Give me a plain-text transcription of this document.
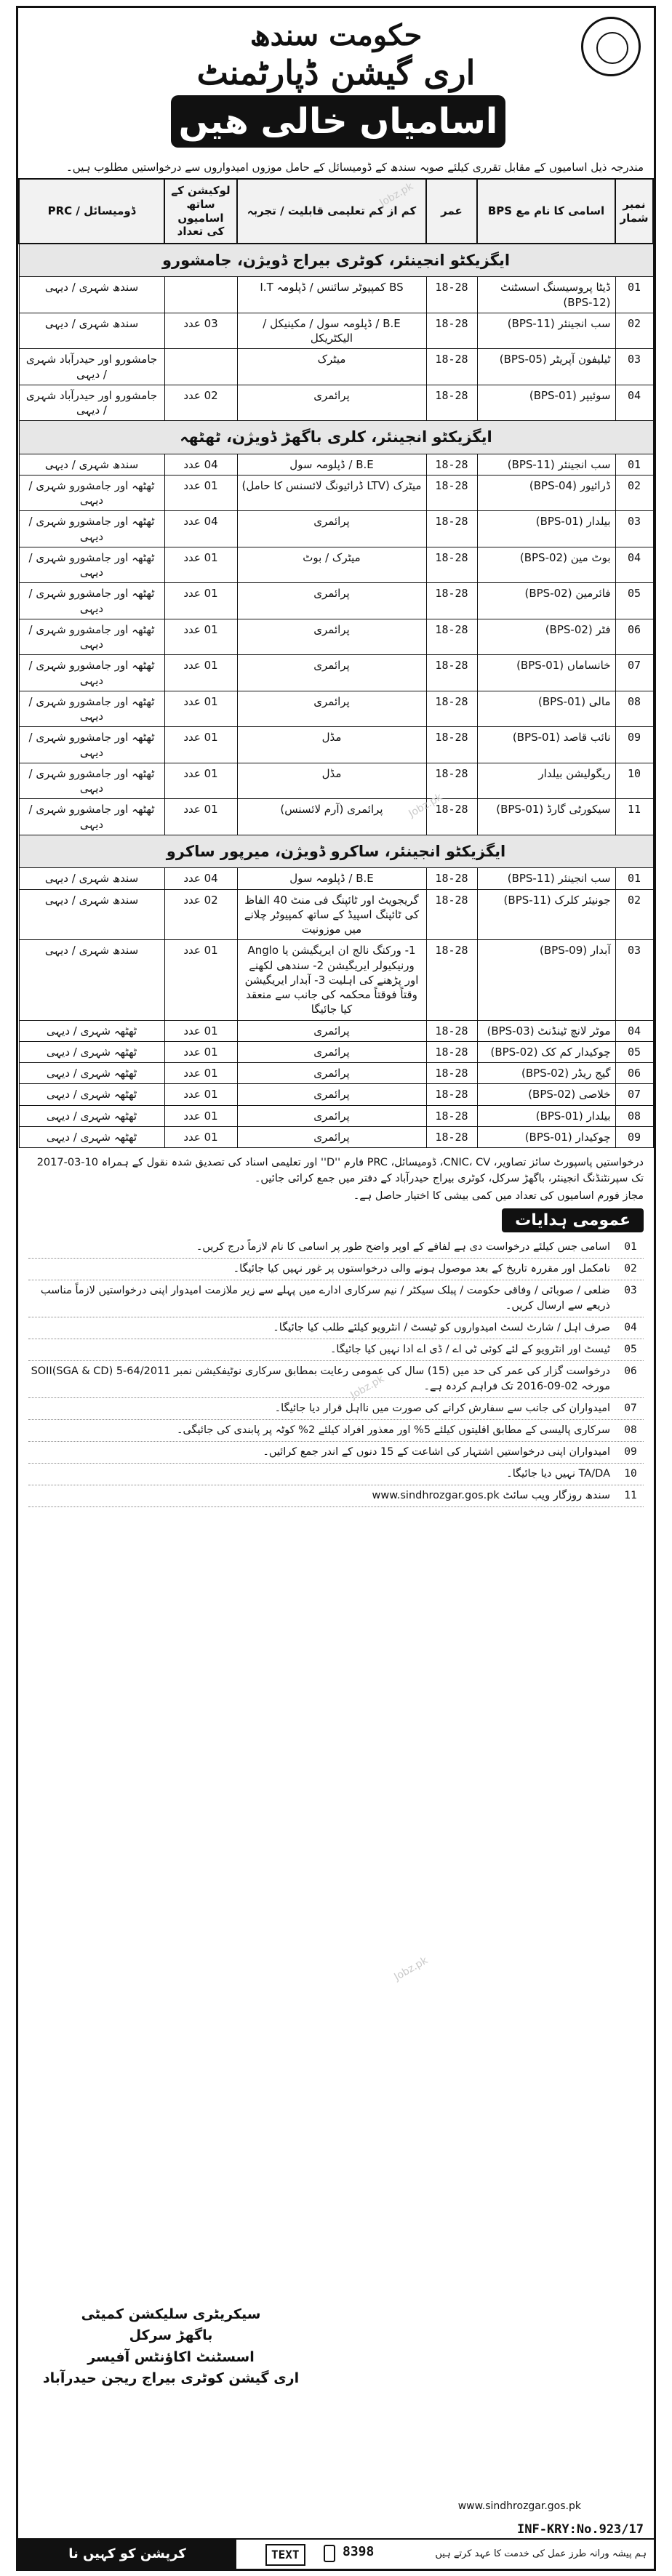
حکومت سندھ
اری گیشن ڈپارٹمنٹ
اسامیاں خالی ھیں
مندرجہ ذیل اسامیوں کے مقابل تقرری کیلئے صوبہ سندھ کے ڈومیسائل کے حامل موزوں امیدواروں سے درخواستیں مطلوب ہیں۔
نمبر شمار	اسامی کا نام مع BPS	عمر	کم از کم تعلیمی قابلیت / تجربہ	لوکیشن کے ساتھ اسامیوں کی تعداد	ڈومیسائل / PRC
ایگزیکٹو انجینئر، کوٹری بیراج ڈویژن، جامشورو					
01	ڈیٹا پروسیسنگ اسسٹنٹ (BPS-12)	18-28	BS کمپیوٹر سائنس / ڈپلومہ I.T		سندھ شہری / دیہی
02	سب انجینئر (BPS-11)	18-28	B.E / ڈپلومہ سول / مکینیکل / الیکٹریکل	03 عدد	سندھ شہری / دیہی
03	ٹیلیفون آپریٹر (BPS-05)	18-28	میٹرک		جامشورو اور حیدرآباد شہری / دیہی
04	سوئیپر (BPS-01)	18-28	پرائمری	02 عدد	جامشورو اور حیدرآباد شہری / دیہی
ایگزیکٹو انجینئر، کلری باگھڑ ڈویژن، ٹھٹھہ					
01	سب انجینئر (BPS-11)	18-28	B.E / ڈپلومہ سول	04 عدد	سندھ شہری / دیہی
02	ڈرائیور (BPS-04)	18-28	میٹرک (LTV ڈرائیونگ لائسنس کا حامل)	01 عدد	ٹھٹھہ اور جامشورو شہری / دیہی
03	بیلدار (BPS-01)	18-28	پرائمری	04 عدد	ٹھٹھہ اور جامشورو شہری / دیہی
04	بوٹ مین (BPS-02)	18-28	میٹرک / بوٹ	01 عدد	ٹھٹھہ اور جامشورو شہری / دیہی
05	فائرمین (BPS-02)	18-28	پرائمری	01 عدد	ٹھٹھہ اور جامشورو شہری / دیہی
06	فٹر (BPS-02)	18-28	پرائمری	01 عدد	ٹھٹھہ اور جامشورو شہری / دیہی
07	خانساماں (BPS-01)	18-28	پرائمری	01 عدد	ٹھٹھہ اور جامشورو شہری / دیہی
08	مالی (BPS-01)	18-28	پرائمری	01 عدد	ٹھٹھہ اور جامشورو شہری / دیہی
09	نائب قاصد (BPS-01)	18-28	مڈل	01 عدد	ٹھٹھہ اور جامشورو شہری / دیہی
10	ریگولیشن بیلدار	18-28	مڈل	01 عدد	ٹھٹھہ اور جامشورو شہری / دیہی
11	سیکورٹی گارڈ (BPS-01)	18-28	پرائمری (آرم لائسنس)	01 عدد	ٹھٹھہ اور جامشورو شہری / دیہی
ایگزیکٹو انجینئر، ساکرو ڈویژن، میرپور ساکرو					
01	سب انجینئر (BPS-11)	18-28	B.E / ڈپلومہ سول	04 عدد	سندھ شہری / دیہی
02	جونیئر کلرک (BPS-11)	18-28	گریجویٹ اور ٹائپنگ فی منٹ 40 الفاظ کی ٹائپنگ اسپیڈ کے ساتھ کمپیوٹر چلانے میں موزونیت	02 عدد	سندھ شہری / دیہی
03	آبدار (BPS-09)	18-28	1- ورکنگ نالج ان ایریگیشن یا Anglo ورنیکیولر ایریگیشن 2- سندھی لکھنے اور پڑھنے کی اہلیت 3- آبدار ایریگیشن وقتاً فوقتاً محکمہ کی جانب سے منعقد کیا جائیگا	01 عدد	سندھ شہری / دیہی
04	موٹر لانچ ٹینڈنٹ (BPS-03)	18-28	پرائمری	01 عدد	ٹھٹھہ شہری / دیہی
05	چوکیدار کم کک (BPS-02)	18-28	پرائمری	01 عدد	ٹھٹھہ شہری / دیہی
06	گیج ریڈر (BPS-02)	18-28	پرائمری	01 عدد	ٹھٹھہ شہری / دیہی
07	خلاصی (BPS-02)	18-28	پرائمری	01 عدد	ٹھٹھہ شہری / دیہی
08	بیلدار (BPS-01)	18-28	پرائمری	01 عدد	ٹھٹھہ شہری / دیہی
09	چوکیدار (BPS-01)	18-28	پرائمری	01 عدد	ٹھٹھہ شہری / دیہی

درخواستیں پاسپورٹ سائز تصاویر، CNIC، CV، ڈومیسائل، PRC فارم ''D'' اور تعلیمی اسناد کی تصدیق شدہ نقول کے ہمراہ 10-03-2017 تک سپرنٹنڈنگ انجینئر، باگھڑ سرکل، کوٹری بیراج حیدرآباد کے دفتر میں جمع کرائی جائیں۔

مجاز فورم اسامیوں کی تعداد میں کمی بیشی کا اختیار حاصل ہے۔

عمومی ہدایات
01
اسامی جس کیلئے درخواست دی ہے لفافے کے اوپر واضح طور پر اسامی کا نام لازماً درج کریں۔
02
نامکمل اور مقررہ تاریخ کے بعد موصول ہونے والی درخواستوں پر غور نہیں کیا جائیگا۔
03
ضلعی / صوبائی / وفاقی حکومت / پبلک سیکٹر / نیم سرکاری ادارے میں پہلے سے زیر ملازمت امیدوار اپنی درخواستیں لازماً مناسب ذریعے سے ارسال کریں۔
04
صرف اہل / شارٹ لسٹ امیدواروں کو ٹیسٹ / انٹرویو کیلئے طلب کیا جائیگا۔
05
ٹیسٹ اور انٹرویو کے لئے کوئی ٹی اے / ڈی اے ادا نہیں کیا جائیگا۔
06
درخواست گزار کی عمر کی حد میں (15) سال کی عمومی رعایت بمطابق سرکاری نوٹیفکیشن نمبر SOII(SGA & CD) 5-64/2011 مورخہ 02-09-2016 تک فراہم کردہ ہے۔
07
امیدواران کی جانب سے سفارش کرانے کی صورت میں نااہل قرار دیا جائیگا۔
08
سرکاری پالیسی کے مطابق اقلیتوں کیلئے 5% اور معذور افراد کیلئے 2% کوٹہ پر پابندی کی جائیگی۔
09
امیدواران اپنی درخواستیں اشتہار کی اشاعت کے 15 دنوں کے اندر جمع کرائیں۔
10
TA/DA نہیں دیا جائیگا۔
11
سندھ روزگار ویب سائٹ www.sindhrozgar.gos.pk
سیکریٹری سلیکشن کمیٹی
باگھڑ سرکل
اسسٹنٹ اکاؤنٹس آفیسر
اری گیشن کوٹری بیراج ریجن حیدرآباد
www.sindhrozgar.gos.pk
INF-KRY:No.923/17
کرپشن کو کہیں نا	TEXT	8398	ہم پیشہ ورانہ طرز عمل کی خدمت کا عہد کرتے ہیں
Jobz.pk
Jobz.pk
Jobz.pk
Jobz.pk
